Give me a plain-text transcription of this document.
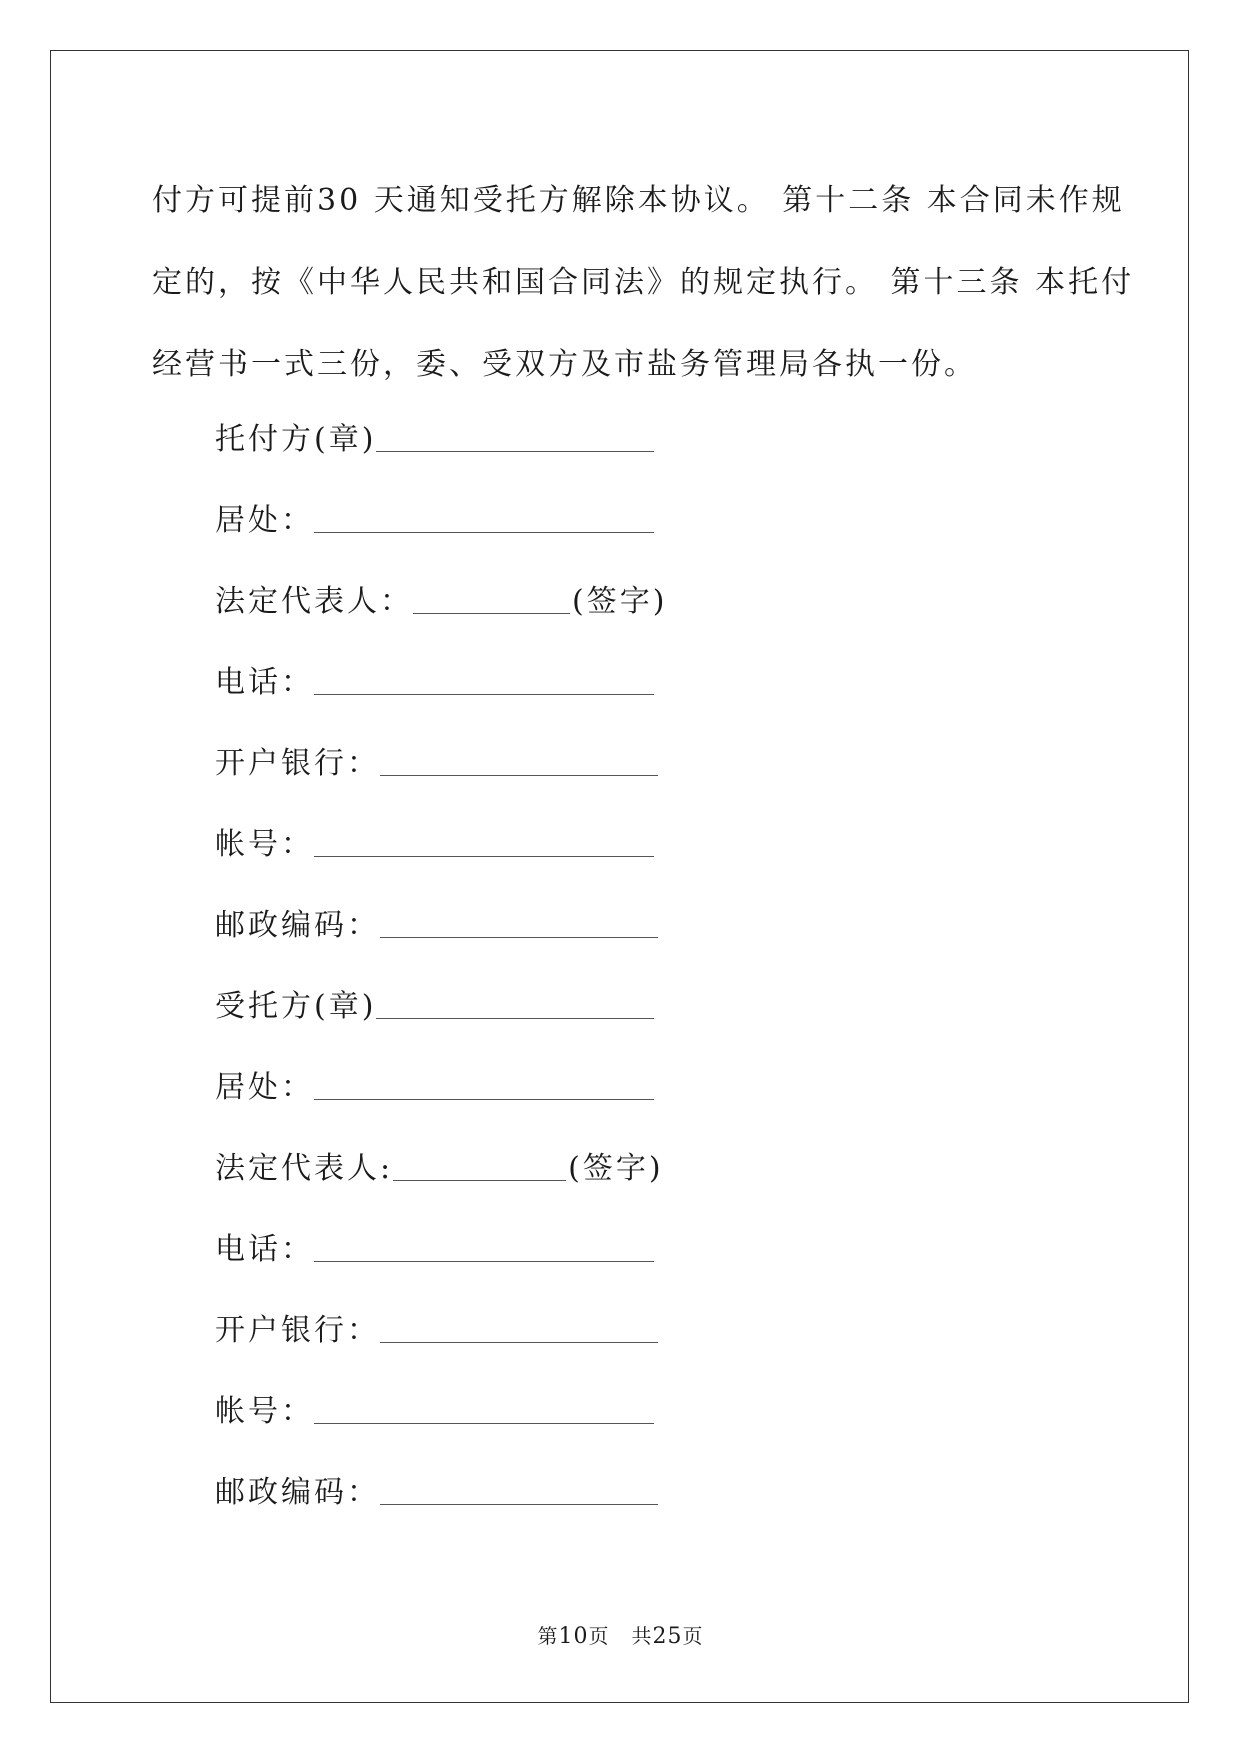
付方可提前30 天通知受托方解除本协议。 第十二条 本合同未作规
定的，按《中华人民共和国合同法》的规定执行。 第十三条 本托付
经营书一式三份，委、受双方及市盐务管理局各执一份。
托付方(章)
居处：
法定代表人：	(签字)
电话：
开户银行：
帐号：
邮政编码：
受托方(章)
居处：
法定代表人:	(签字)
电话：
开户银行：
帐号：
邮政编码：
第10页   共25页
